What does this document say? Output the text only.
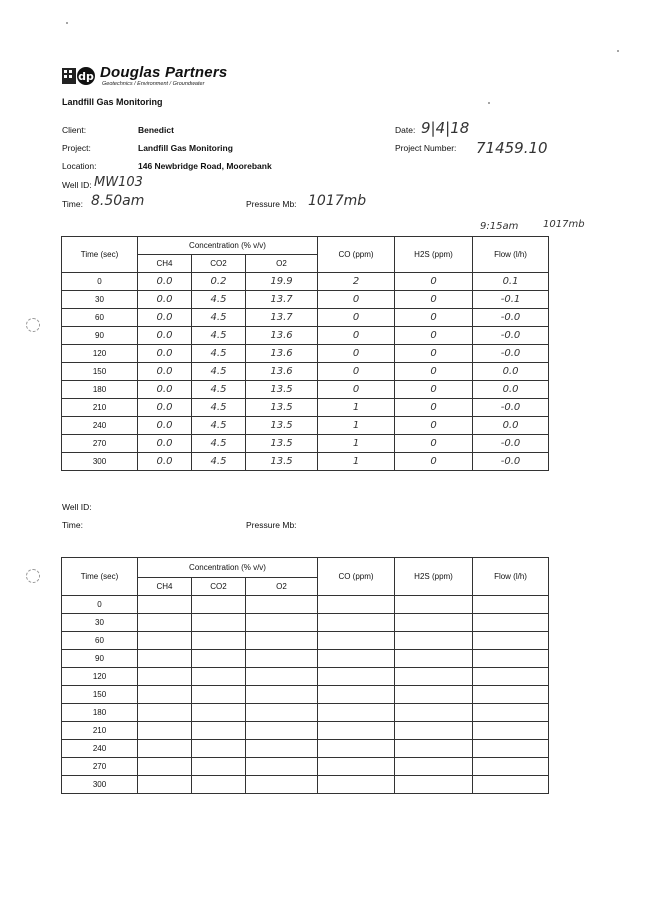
dp Douglas Partners
Geotechnics / Environment / Groundwater
Landfill Gas Monitoring
Client:	Benedict
Project:	Landfill Gas Monitoring
Location:	146 Newbridge Road, Moorebank
Date: 9|4|18
Project Number: 71459.10
Well ID: MW103
Time: 8.50am	Pressure Mb: 1017mb
9:15am 1017mb
Time (sec)	Concentration (% v/v)			CO (ppm)	H2S (ppm)	Flow (l/h)
	CH4	CO2	O2			
0	0.0	0.2	19.9	2	0	0.1
30	0.0	4.5	13.7	0	0	-0.1
60	0.0	4.5	13.7	0	0	-0.0
90	0.0	4.5	13.6	0	0	-0.0
120	0.0	4.5	13.6	0	0	-0.0
150	0.0	4.5	13.6	0	0	0.0
180	0.0	4.5	13.5	0	0	0.0
210	0.0	4.5	13.5	1	0	-0.0
240	0.0	4.5	13.5	1	0	0.0
270	0.0	4.5	13.5	1	0	-0.0
300	0.0	4.5	13.5	1	0	-0.0
Well ID:
Time:	Pressure Mb:
Time (sec)	Concentration (% v/v)			CO (ppm)	H2S (ppm)	Flow (l/h)
	CH4	CO2	O2			
0						
30						
60						
90						
120						
150						
180						
210						
240						
270						
300						
